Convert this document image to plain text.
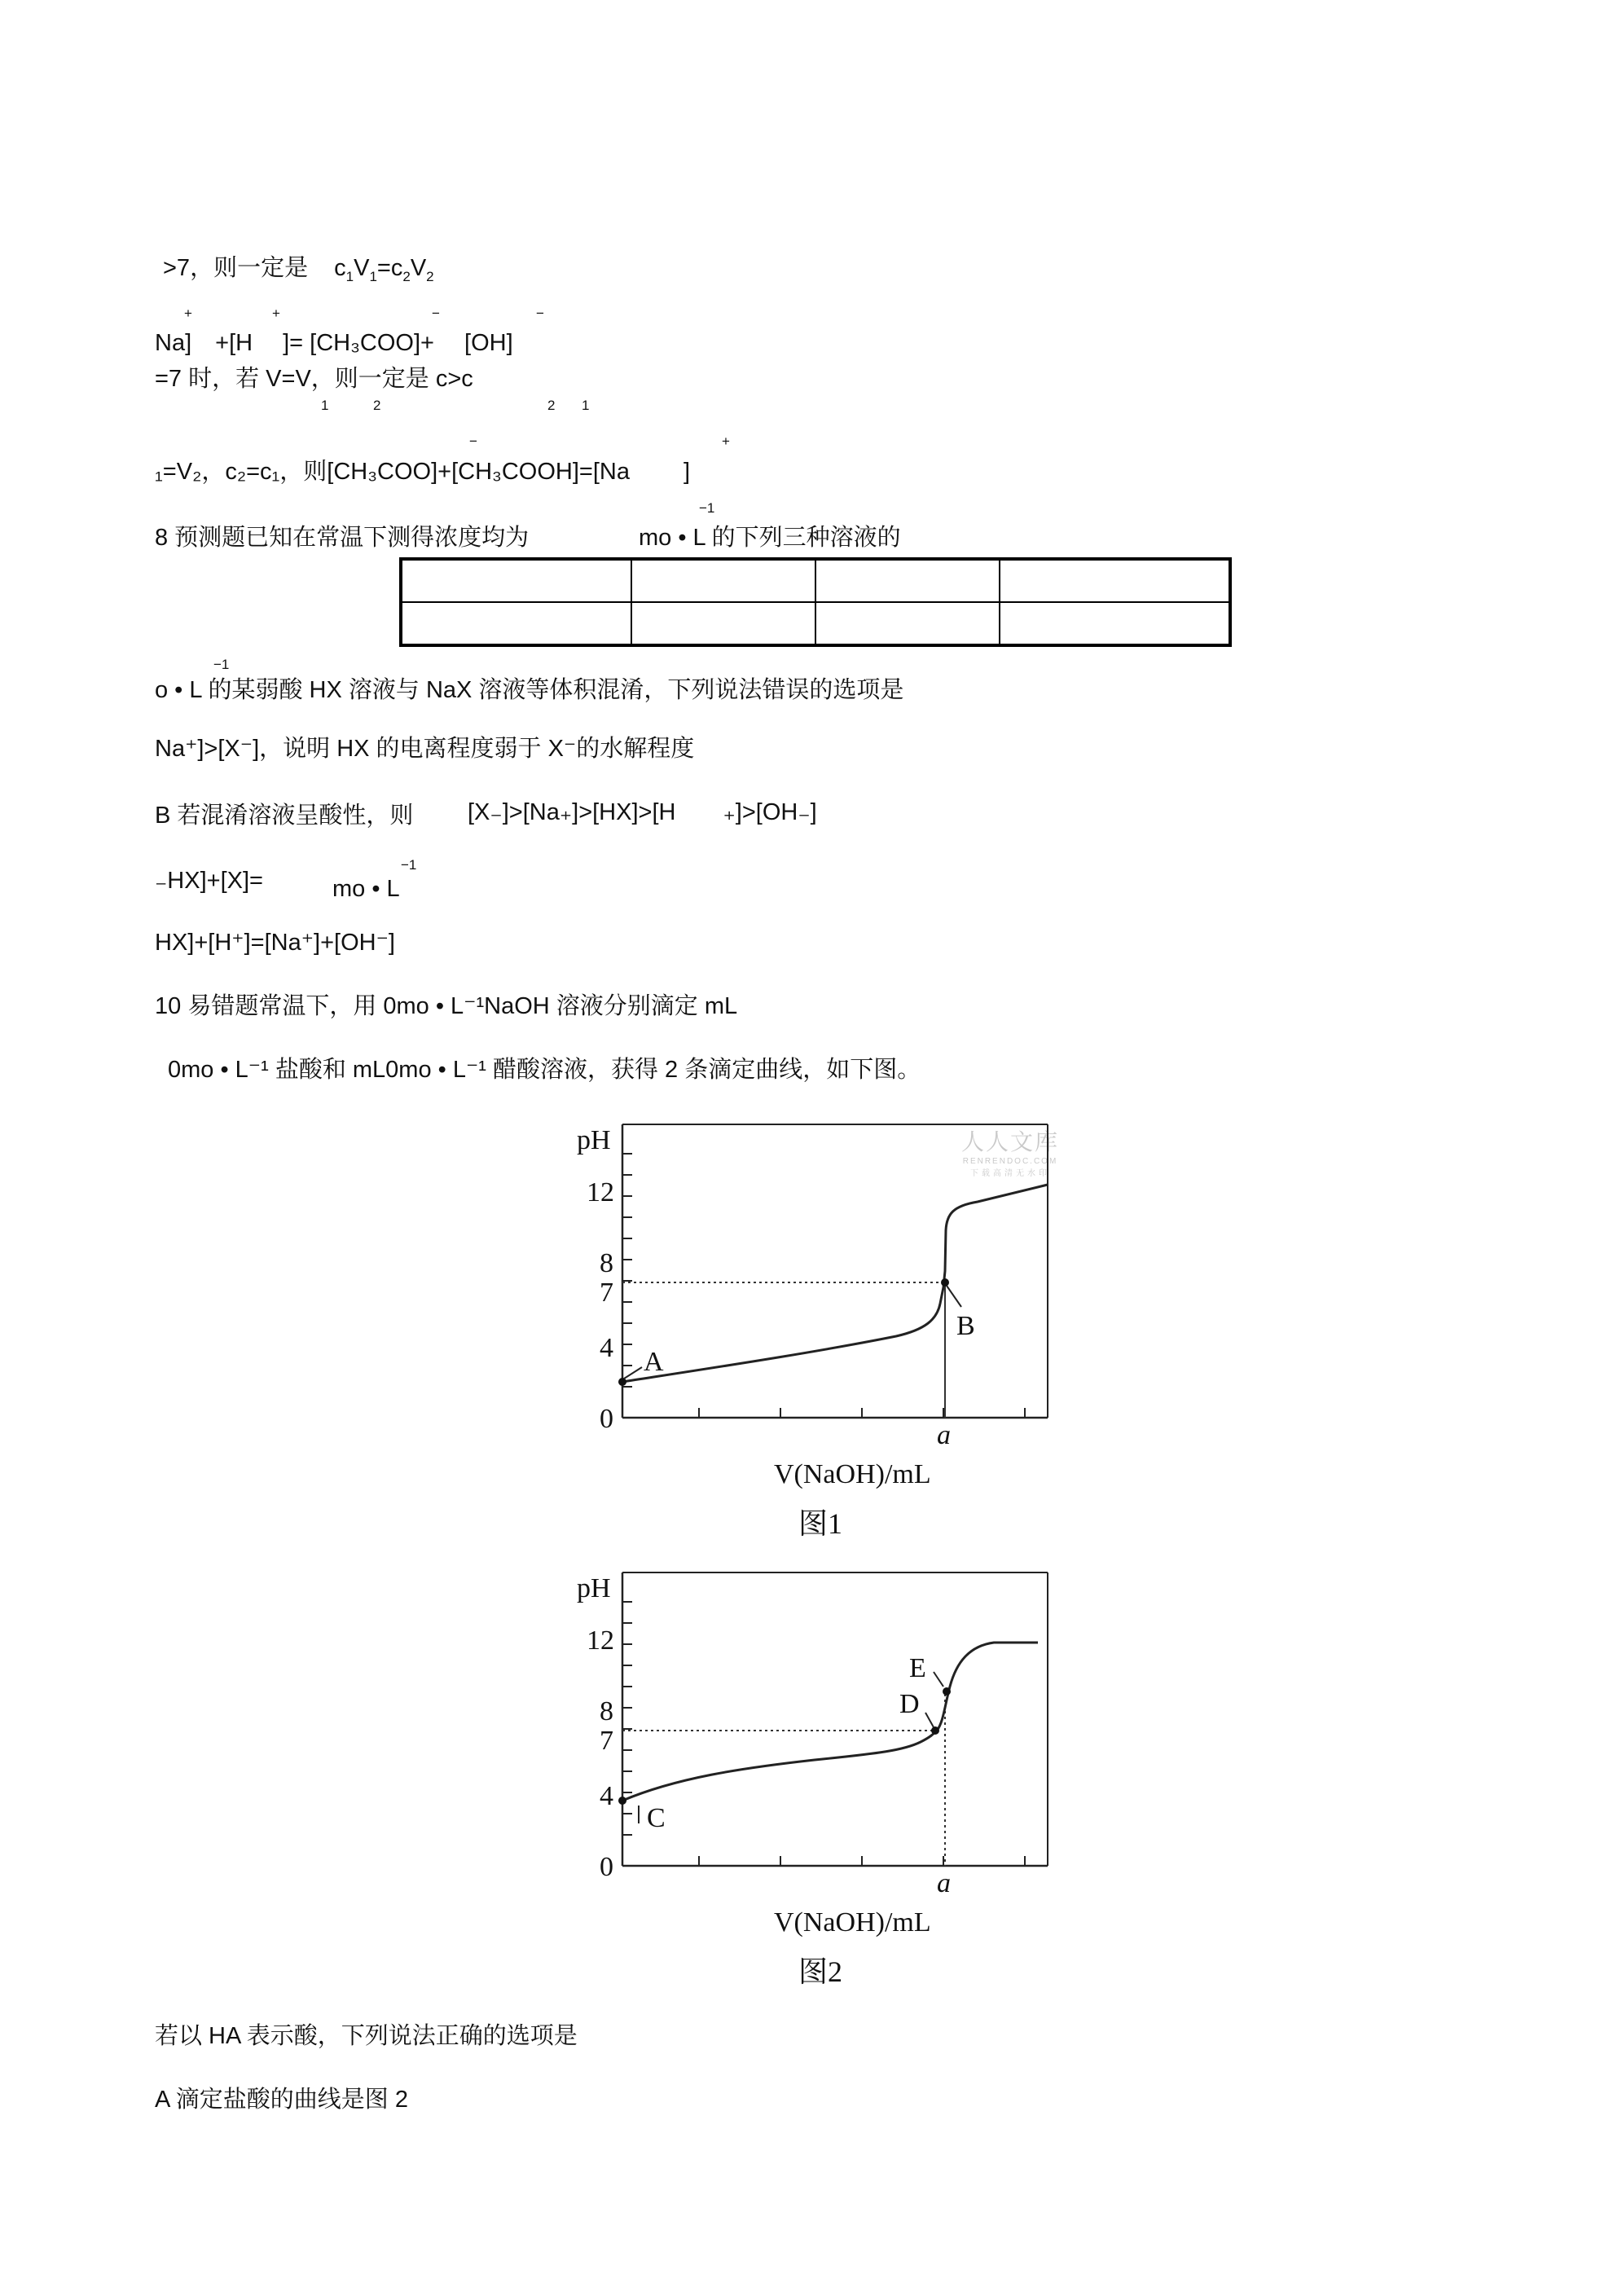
>7，则一定是 $c_1V_1=c_2V_2$
+	+	−	−
Na]　+[H　 ]= [CH₃COO]+　 [OH]
=7 时，若 V=V，则一定是 c>c
1	2	2 1
−	+
₁=V₂，c₂=c₁，则[CH₃COO]+[CH₃COOH]=[Na　　 ]
−1
8 预测题已知在常温下测得浓度均为	mo • L 的下列三种溶液的

−1
o • L 的某弱酸 HX 溶液与 NaX 溶液等体积混淆，下列说法错误的选项是
Na⁺]>[X⁻]，说明 HX 的电离程度弱于 X⁻的水解程度
B 若混淆溶液呈酸性，则 [X₋]>[Na₊]>[HX]>[H　　₊]>[OH₋]
−1
₋HX]+[X]=	mo • L
HX]+[H⁺]=[Na⁺]+[OH⁻]
10 易错题常温下，用 0mo • L⁻¹NaOH 溶液分别滴定 mL
0mo • L⁻¹ 盐酸和 mL0mo • L⁻¹ 醋酸溶液，获得 2 条滴定曲线，如下图。
人人文库
RENRENDOC.COM
下载高清无水印
pH
12
8
7
4
0
A
B
a
V(NaOH)/mL
图1
pH
12
8
7
4
0
C
D
E
a
V(NaOH)/mL
图2
若以 HA 表示酸，下列说法正确的选项是
A 滴定盐酸的曲线是图 2
